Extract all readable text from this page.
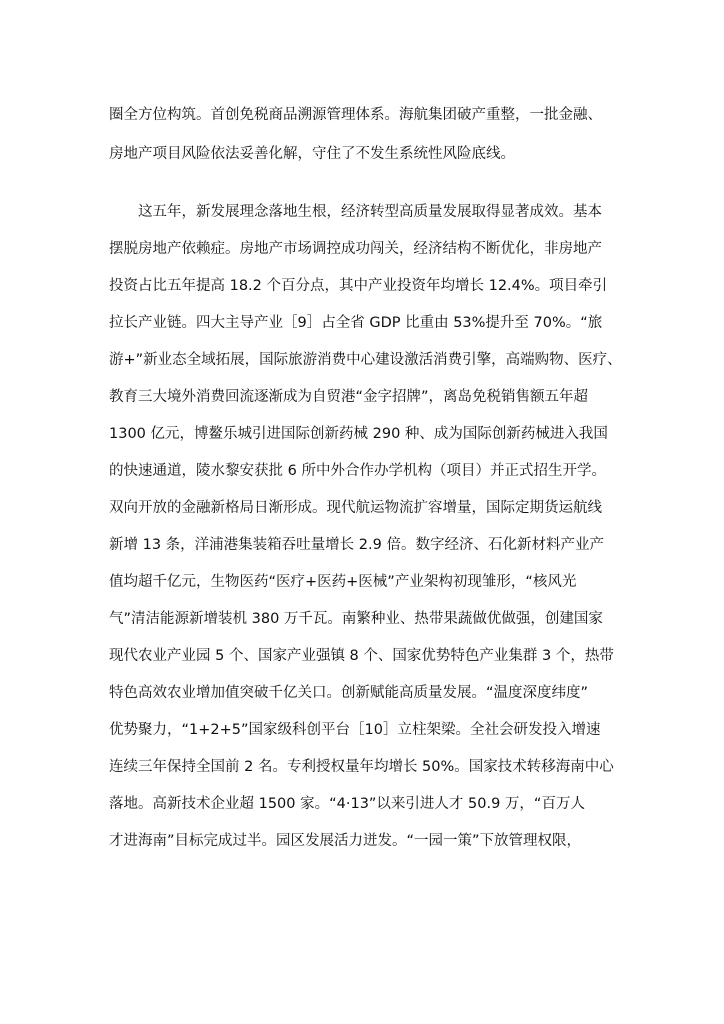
圈全方位构筑。首创免税商品溯源管理体系。海航集团破产重整，一批金融、
房地产项目风险依法妥善化解，守住了不发生系统性风险底线。
这五年，新发展理念落地生根，经济转型高质量发展取得显著成效。基本
摆脱房地产依赖症。房地产市场调控成功闯关，经济结构不断优化，非房地产
投资占比五年提高 18.2 个百分点，其中产业投资年均增长 12.4%。项目牵引
拉长产业链。四大主导产业［9］占全省 GDP 比重由 53%提升至 70%。“旅
游+”新业态全域拓展，国际旅游消费中心建设激活消费引擎，高端购物、医疗、
教育三大境外消费回流逐渐成为自贸港“金字招牌”，离岛免税销售额五年超
1300 亿元，博鳌乐城引进国际创新药械 290 种、成为国际创新药械进入我国
的快速通道，陵水黎安获批 6 所中外合作办学机构（项目）并正式招生开学。
双向开放的金融新格局日渐形成。现代航运物流扩容增量，国际定期货运航线
新增 13 条，洋浦港集装箱吞吐量增长 2.9 倍。数字经济、石化新材料产业产
值均超千亿元，生物医药“医疗+医药+医械”产业架构初现雏形，“核风光
气”清洁能源新增装机 380 万千瓦。南繁种业、热带果蔬做优做强，创建国家
现代农业产业园 5 个、国家产业强镇 8 个、国家优势特色产业集群 3 个，热带
特色高效农业增加值突破千亿关口。创新赋能高质量发展。“温度深度纬度”
优势聚力，“1+2+5”国家级科创平台［10］立柱架梁。全社会研发投入增速
连续三年保持全国前 2 名。专利授权量年均增长 50%。国家技术转移海南中心
落地。高新技术企业超 1500 家。“4·13”以来引进人才 50.9 万，“百万人
才进海南”目标完成过半。园区发展活力迸发。“一园一策”下放管理权限，
